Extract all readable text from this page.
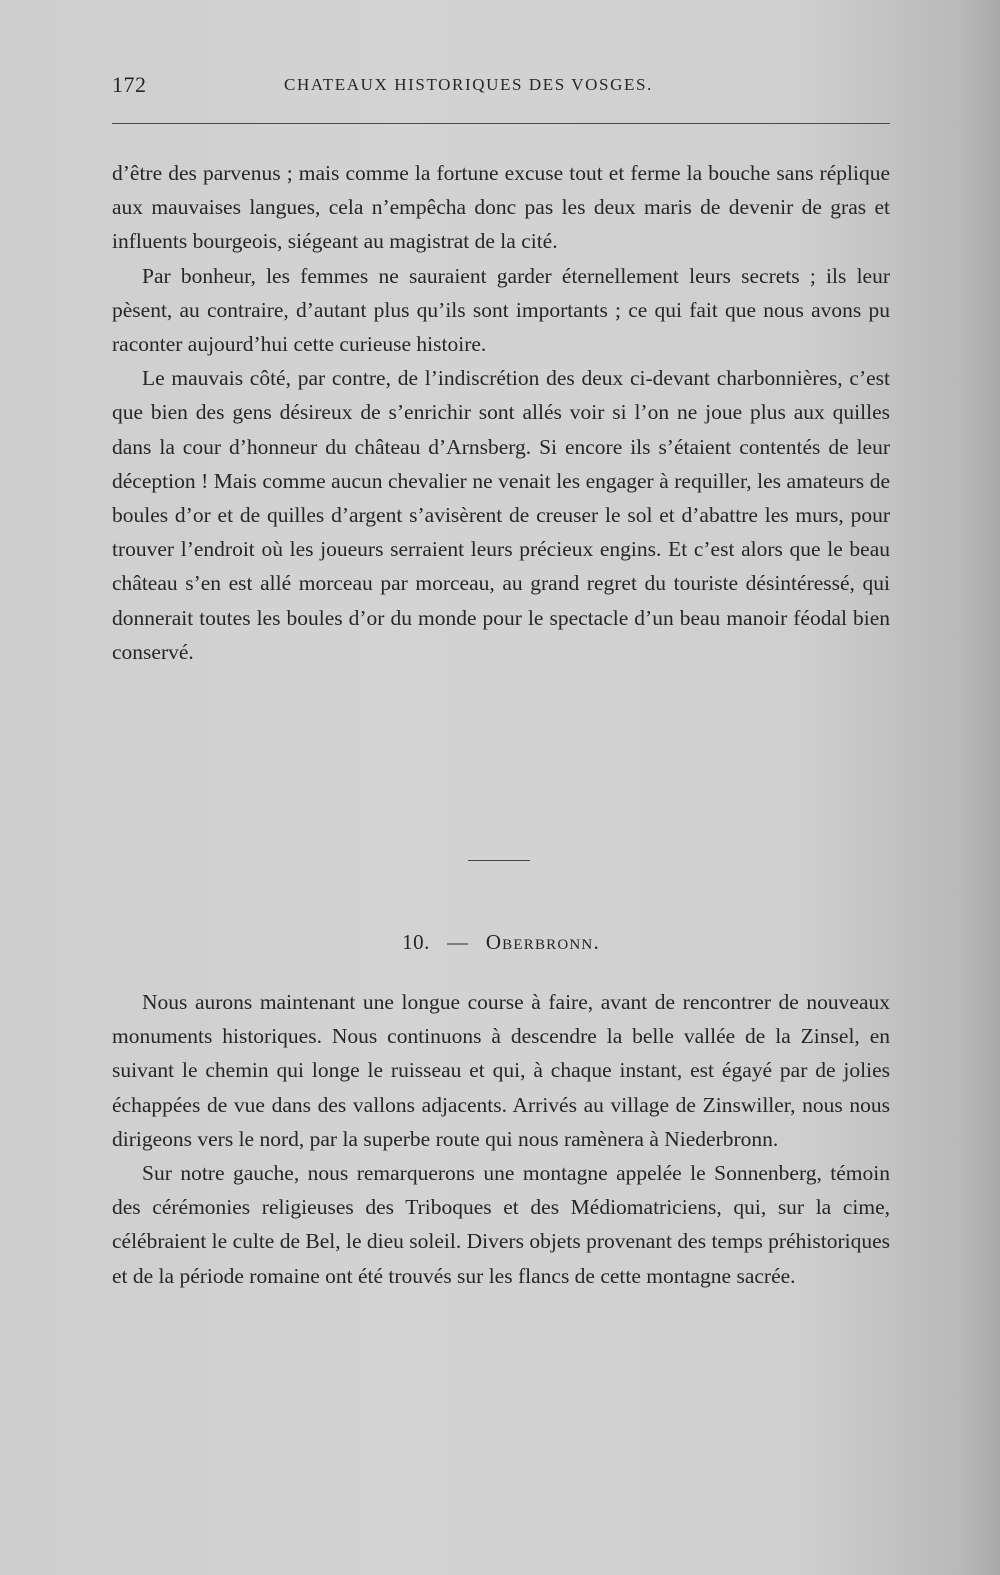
172	CHATEAUX HISTORIQUES DES VOSGES.

d’être des parvenus ; mais comme la fortune excuse tout et ferme la bouche sans réplique aux mauvaises langues, cela n’empêcha donc pas les deux maris de devenir de gras et influents bourgeois, siégeant au magistrat de la cité.

Par bonheur, les femmes ne sauraient garder éternellement leurs secrets ; ils leur pèsent, au contraire, d’autant plus qu’ils sont importants ; ce qui fait que nous avons pu raconter aujourd’hui cette curieuse histoire.

Le mauvais côté, par contre, de l’indiscrétion des deux ci-devant charbonnières, c’est que bien des gens désireux de s’enrichir sont allés voir si l’on ne joue plus aux quilles dans la cour d’honneur du château d’Arnsberg. Si encore ils s’étaient contentés de leur déception ! Mais comme aucun chevalier ne venait les engager à requiller, les amateurs de boules d’or et de quilles d’argent s’avisèrent de creuser le sol et d’abattre les murs, pour trouver l’endroit où les joueurs serraient leurs précieux engins. Et c’est alors que le beau château s’en est allé morceau par morceau, au grand regret du touriste désintéressé, qui donnerait toutes les boules d’or du monde pour le spectacle d’un beau manoir féodal bien conservé.

10. — Oberbronn.

Nous aurons maintenant une longue course à faire, avant de rencontrer de nouveaux monuments historiques. Nous continuons à descendre la belle vallée de la Zinsel, en suivant le chemin qui longe le ruisseau et qui, à chaque instant, est égayé par de jolies échappées de vue dans des vallons adjacents. Arrivés au village de Zinswiller, nous nous dirigeons vers le nord, par la superbe route qui nous ramènera à Niederbronn.

Sur notre gauche, nous remarquerons une montagne appelée le Sonnenberg, témoin des cérémonies religieuses des Triboques et des Médiomatriciens, qui, sur la cime, célébraient le culte de Bel, le dieu soleil. Divers objets provenant des temps préhistoriques et de la période romaine ont été trouvés sur les flancs de cette montagne sacrée.
